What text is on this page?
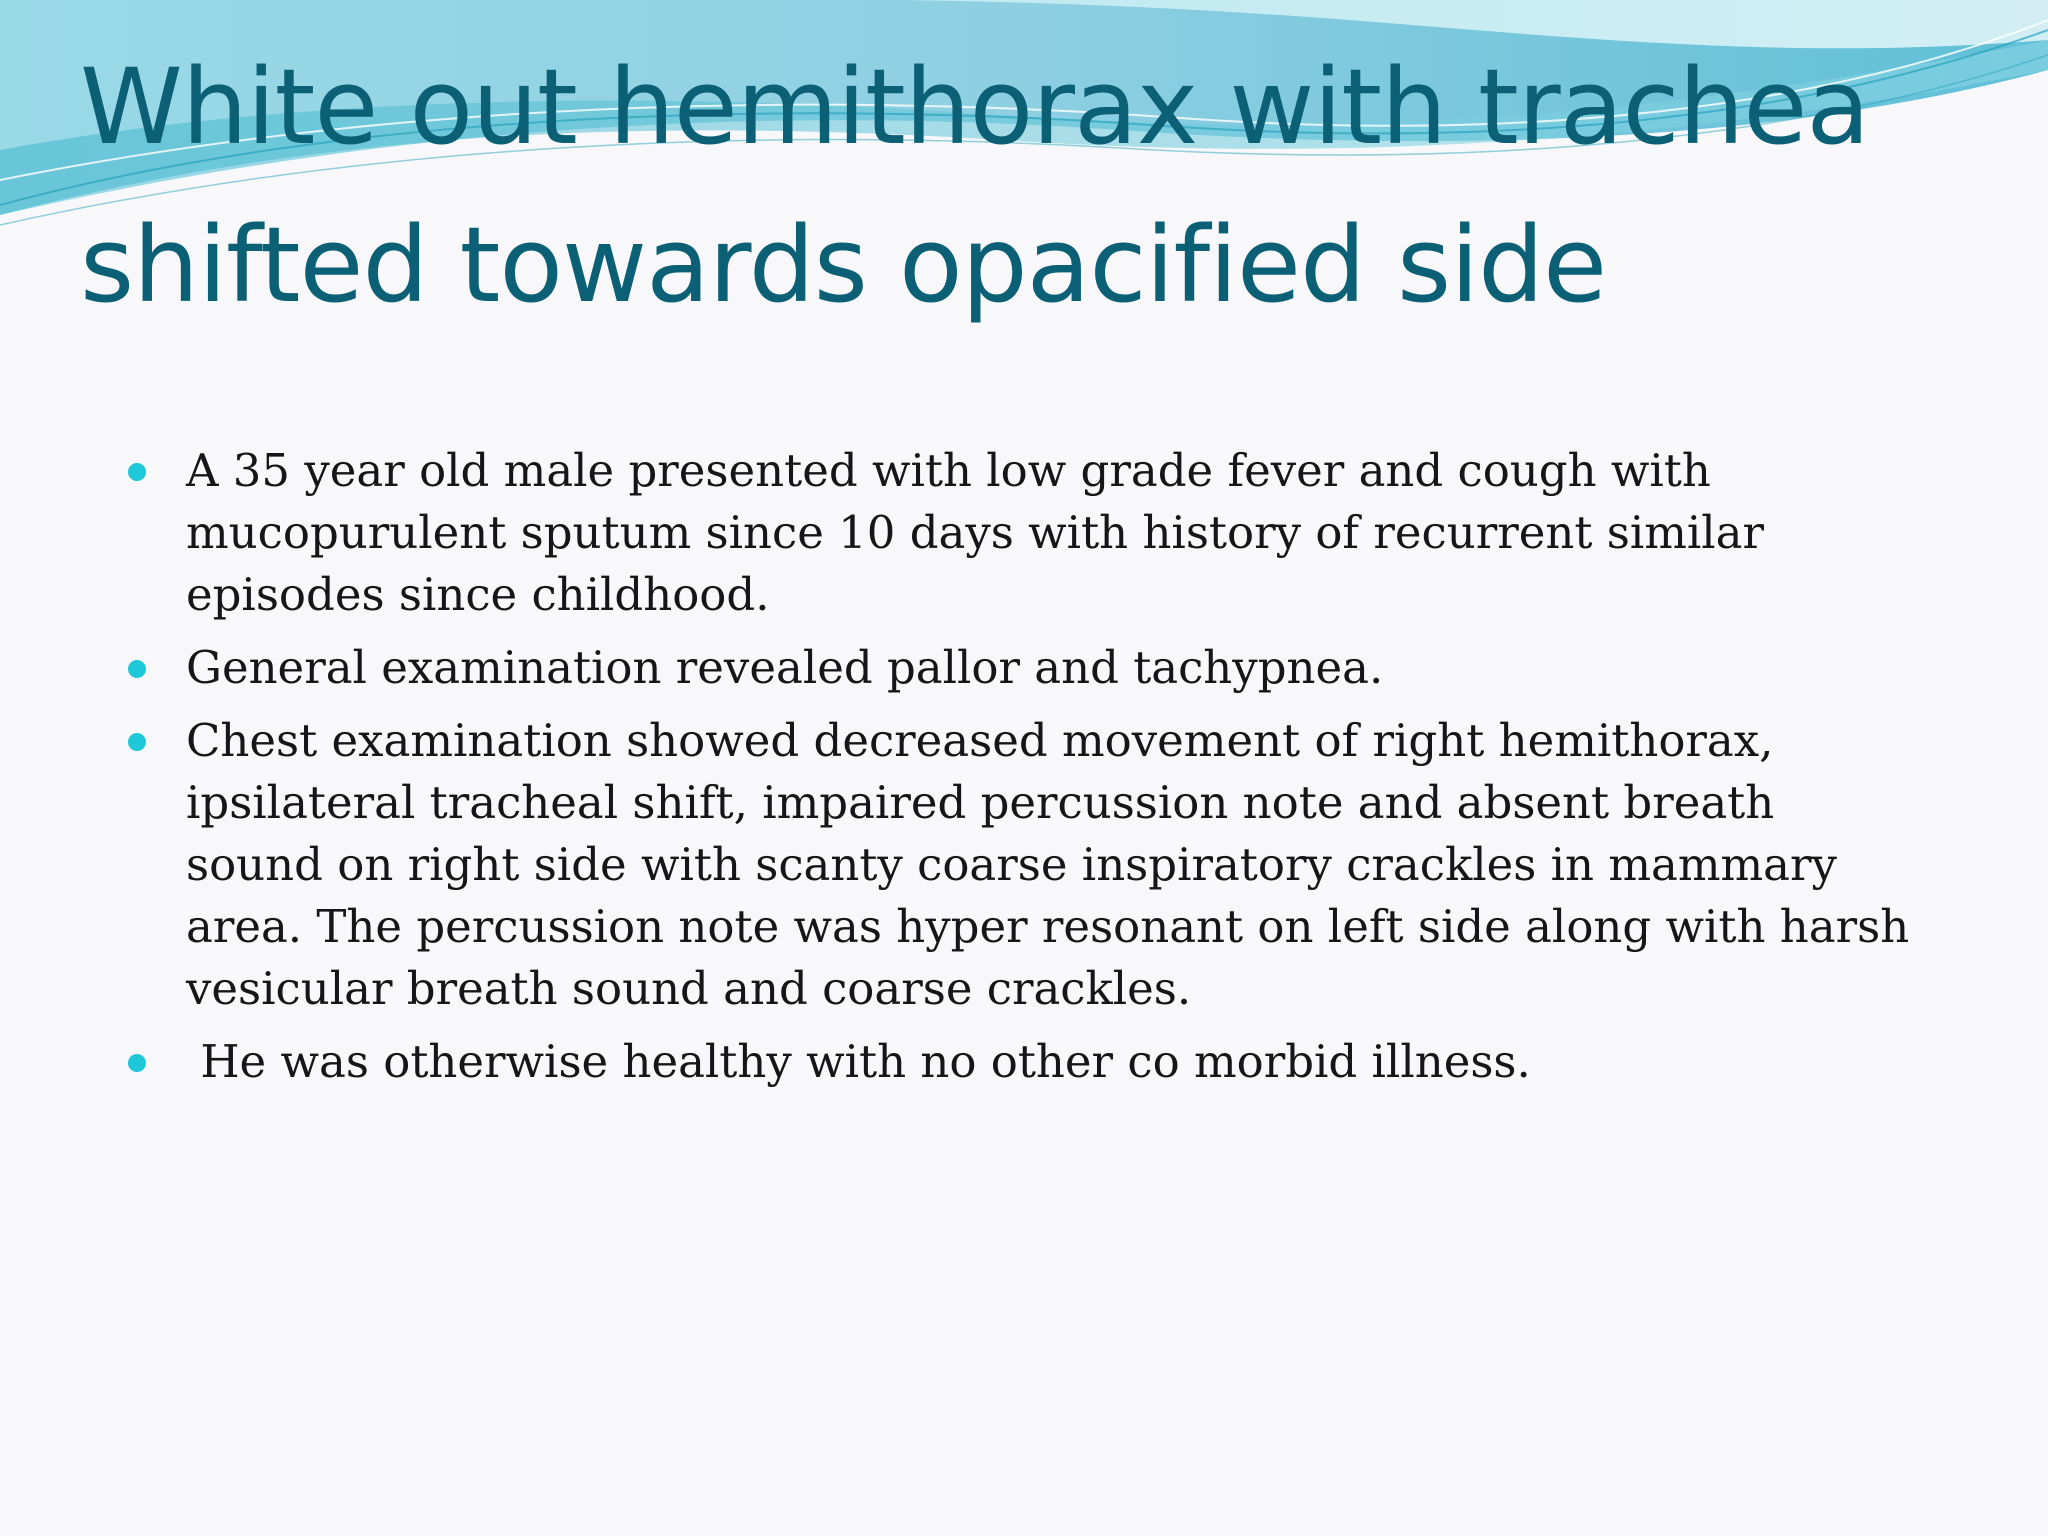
White out hemithorax with trachea
shifted towards opacified side
A 35 year old male presented with low grade fever and cough with mucopurulent sputum since 10 days with history of recurrent similar episodes since childhood.
General examination revealed pallor and tachypnea.
Chest examination showed decreased movement of right hemithorax, ipsilateral tracheal shift, impaired percussion note and absent breath sound on right side with scanty coarse inspiratory crackles in mammary area. The percussion note was hyper resonant on left side along with harsh vesicular breath sound and coarse crackles.
He was otherwise healthy with no other co morbid illness.
